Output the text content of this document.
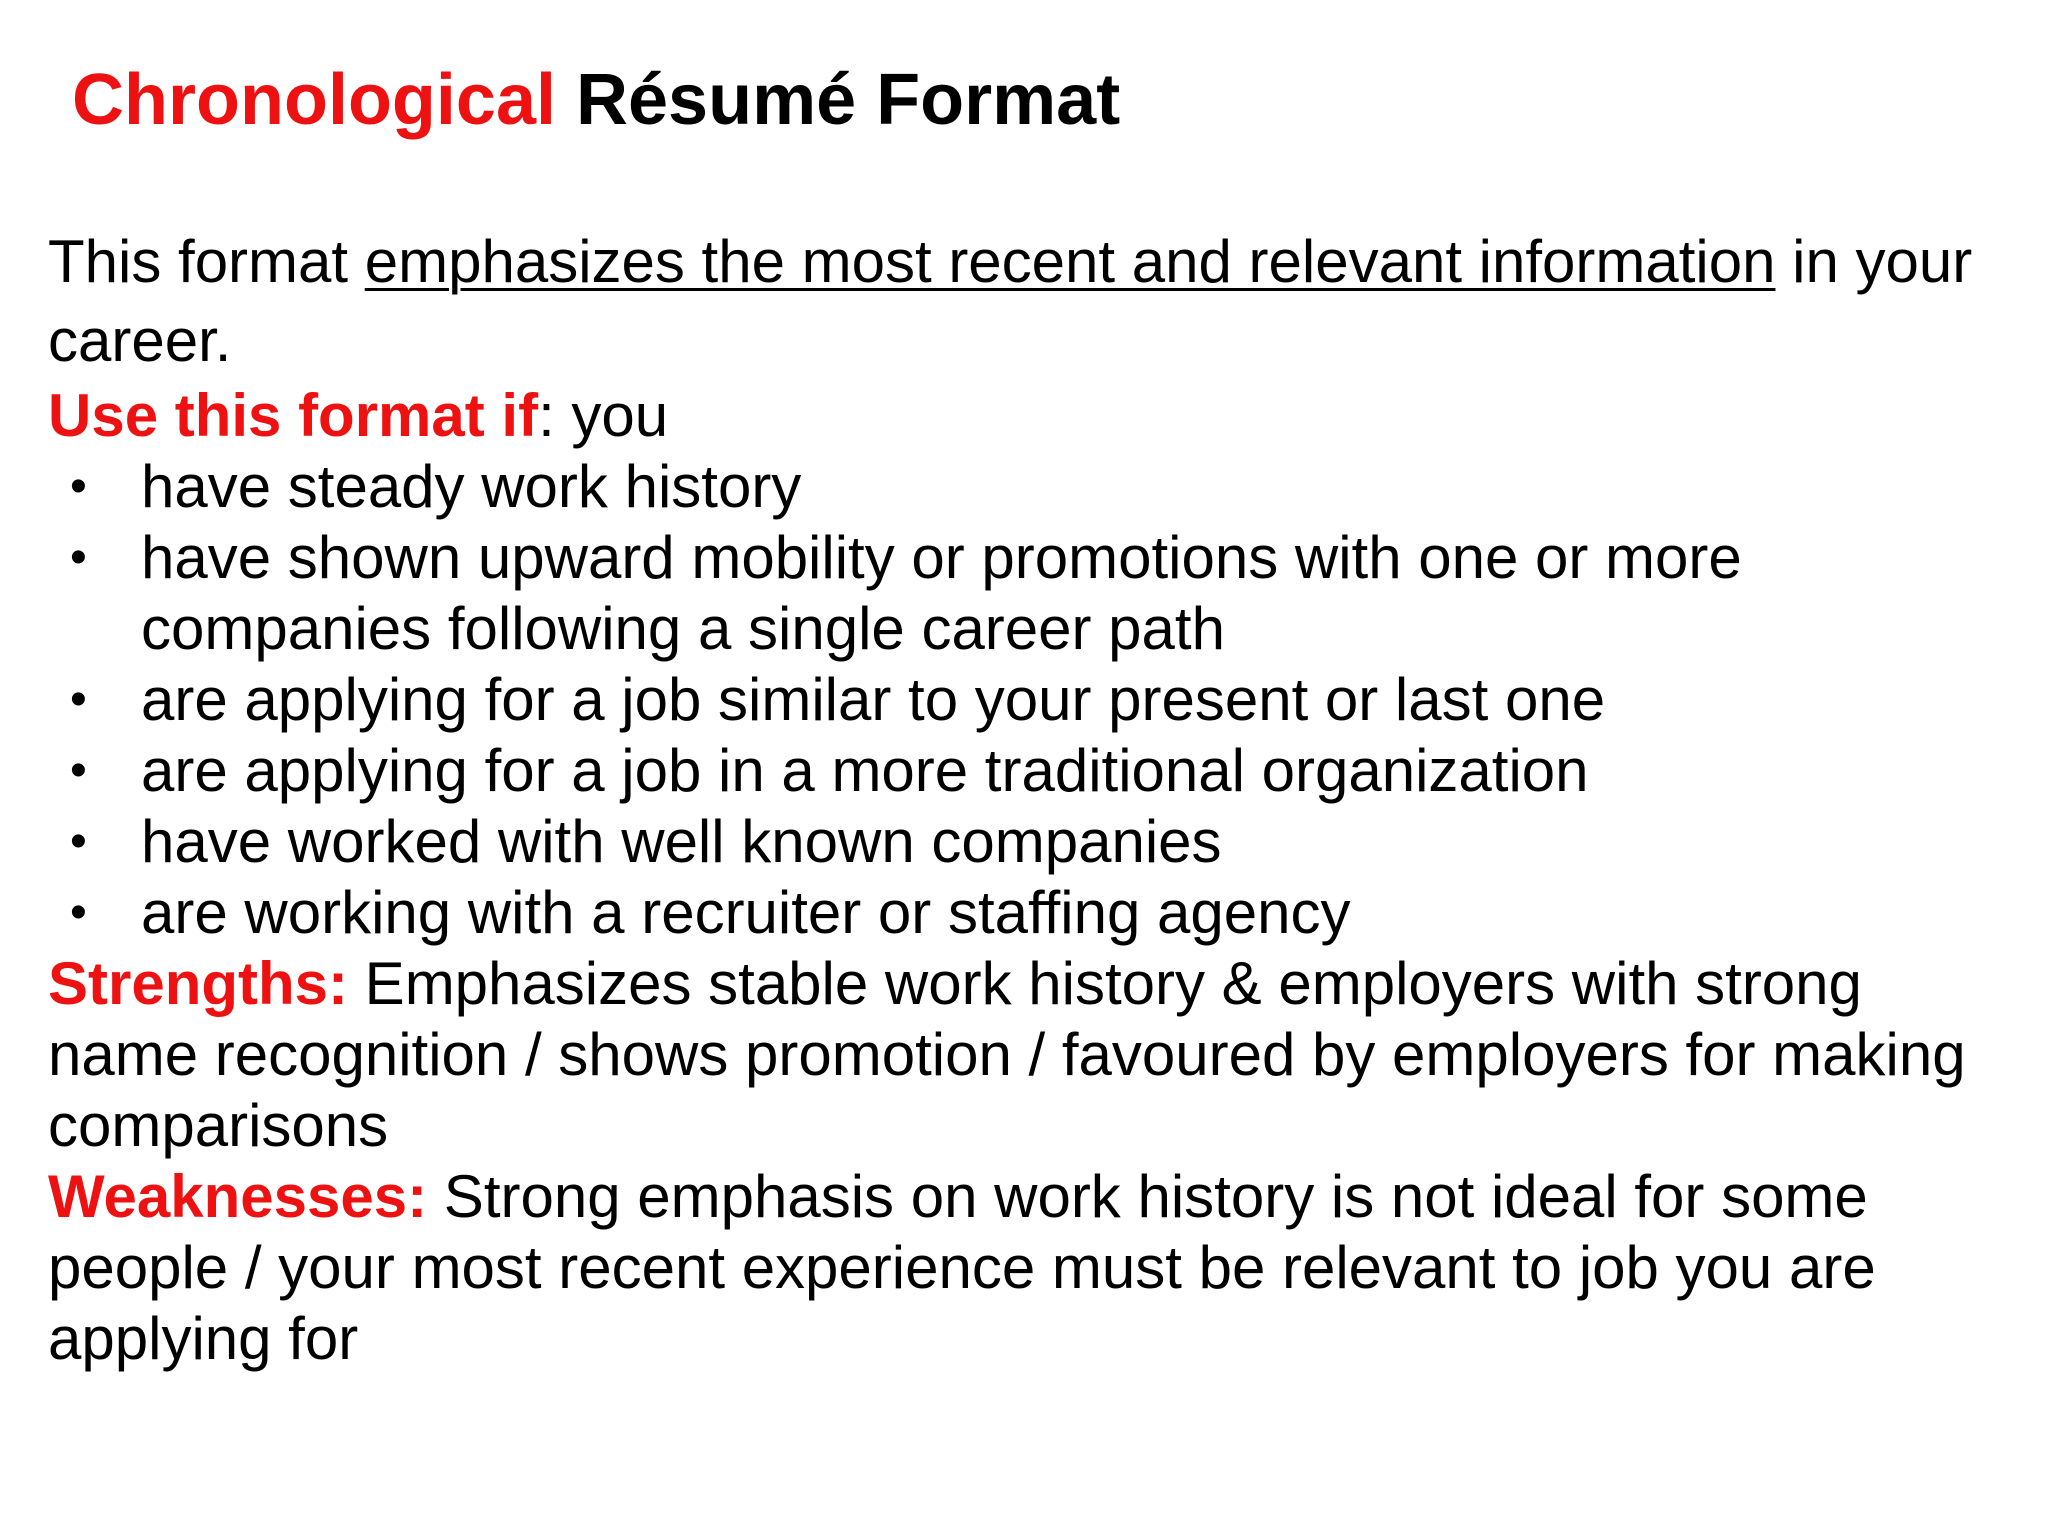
Chronological Résumé Format

This format emphasizes the most recent and relevant information in your career.

Use this format if: you

• have steady work history
• have shown upward mobility or promotions with one or more companies following a single career path
• are applying for a job similar to your present or last one
• are applying for a job in a more traditional organization
• have worked with well known companies
• are working with a recruiter or staffing agency

Strengths: Emphasizes stable work history & employers with strong name recognition / shows promotion / favoured by employers for making comparisons

Weaknesses: Strong emphasis on work history is not ideal for some people / your most recent experience must be relevant to job you are applying for
